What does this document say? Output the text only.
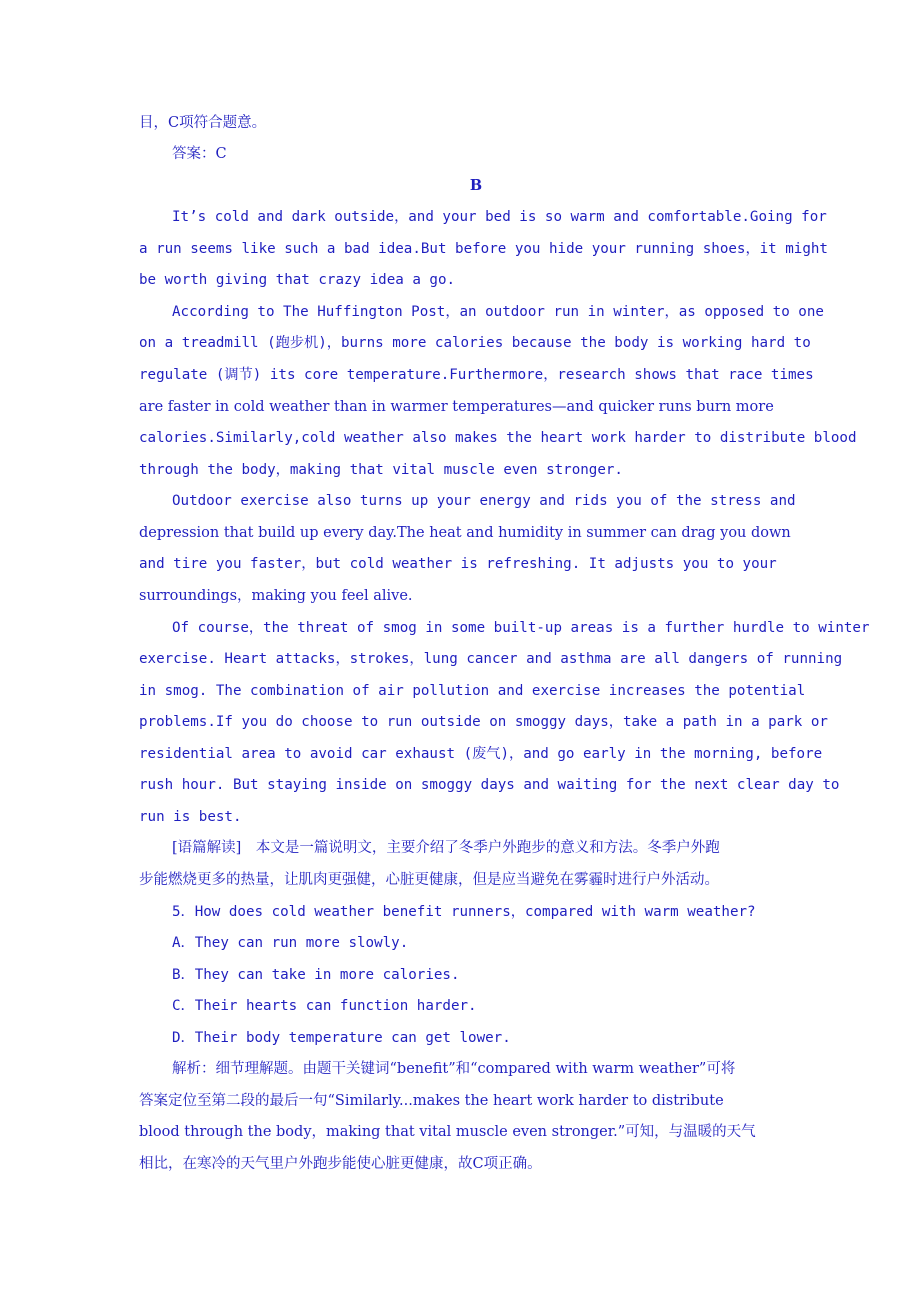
目，C项符合题意。
答案：C
B
It’s cold and dark outside，and your bed is so warm and comfortable.Going for
a run seems like such a bad idea.But before you hide your running shoes，it might
be worth giving that crazy idea a go.
According to The Huffington Post，an outdoor run in winter，as opposed to one
on a treadmill (跑步机)，burns more calories because the body is working hard to
regulate (调节) its core temperature.Furthermore，research shows that race times
are faster in cold weather than in warmer temperatures—and quicker runs burn more
calories.Similarly,cold weather also makes the heart work harder to distribute blood
through the body，making that vital muscle even stronger.
Outdoor exercise also turns up your energy and rids you of the stress and
depression that build up every day.The heat and humidity in summer can drag you down
and tire you faster，but cold weather is refreshing. It adjusts you to your
surroundings，making you feel alive.
Of course，the threat of smog in some built-up areas is a further hurdle to winter
exercise. Heart attacks，strokes，lung cancer and asthma are all dangers of running
in smog. The combination of air pollution and exercise increases the potential
problems.If you do choose to run outside on smoggy days，take a path in a park or
residential area to avoid car exhaust (废气)，and go early in the morning, before
rush hour. But staying inside on smoggy days and waiting for the next clear day to
run is best.
[语篇解读]　本文是一篇说明文，主要介绍了冬季户外跑步的意义和方法。冬季户外跑
步能燃烧更多的热量，让肌肉更强健，心脏更健康，但是应当避免在雾霾时进行户外活动。
5．How does cold weather benefit runners，compared with warm weather?
A．They can run more slowly.
B．They can take in more calories.
C．Their hearts can function harder.
D．Their body temperature can get lower.
解析：细节理解题。由题干关键词“benefit”和“compared with warm weather”可将
答案定位至第二段的最后一句“Similarly...makes the heart work harder to distribute
blood through the body，making that vital muscle even stronger.”可知，与温暖的天气
相比，在寒冷的天气里户外跑步能使心脏更健康，故C项正确。
